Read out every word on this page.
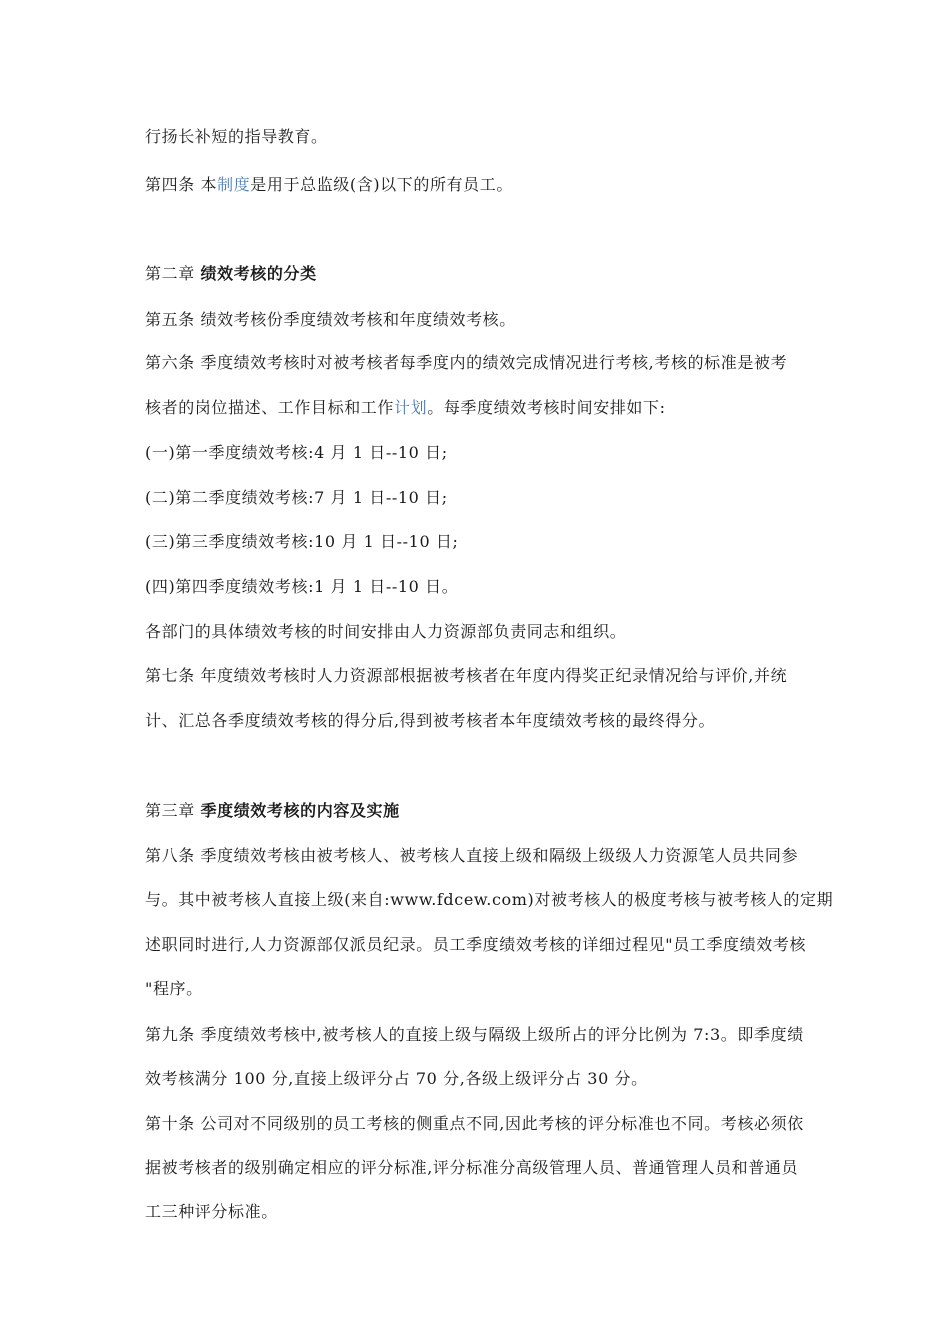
行扬长补短的指导教育。
第四条 本制度是用于总监级(含)以下的所有员工。
第二章 绩效考核的分类
第五条 绩效考核份季度绩效考核和年度绩效考核。
第六条 季度绩效考核时对被考核者每季度内的绩效完成情况进行考核,考核的标准是被考
核者的岗位描述、工作目标和工作计划。每季度绩效考核时间安排如下:
(一)第一季度绩效考核:4 月 1 日--10 日;
(二)第二季度绩效考核:7 月 1 日--10 日;
(三)第三季度绩效考核:10 月 1 日--10 日;
(四)第四季度绩效考核:1 月 1 日--10 日。
各部门的具体绩效考核的时间安排由人力资源部负责同志和组织。
第七条 年度绩效考核时人力资源部根据被考核者在年度内得奖正纪录情况给与评价,并统
计、汇总各季度绩效考核的得分后,得到被考核者本年度绩效考核的最终得分。
第三章 季度绩效考核的内容及实施
第八条 季度绩效考核由被考核人、被考核人直接上级和隔级上级级人力资源笔人员共同参
与。其中被考核人直接上级(来自:www.fdcew.com)对被考核人的极度考核与被考核人的定期
述职同时进行,人力资源部仅派员纪录。员工季度绩效考核的详细过程见"员工季度绩效考核
"程序。
第九条 季度绩效考核中,被考核人的直接上级与隔级上级所占的评分比例为 7:3。即季度绩
效考核满分 100 分,直接上级评分占 70 分,各级上级评分占 30 分。
第十条 公司对不同级别的员工考核的侧重点不同,因此考核的评分标准也不同。考核必须依
据被考核者的级别确定相应的评分标准,评分标准分高级管理人员、普通管理人员和普通员
工三种评分标准。
